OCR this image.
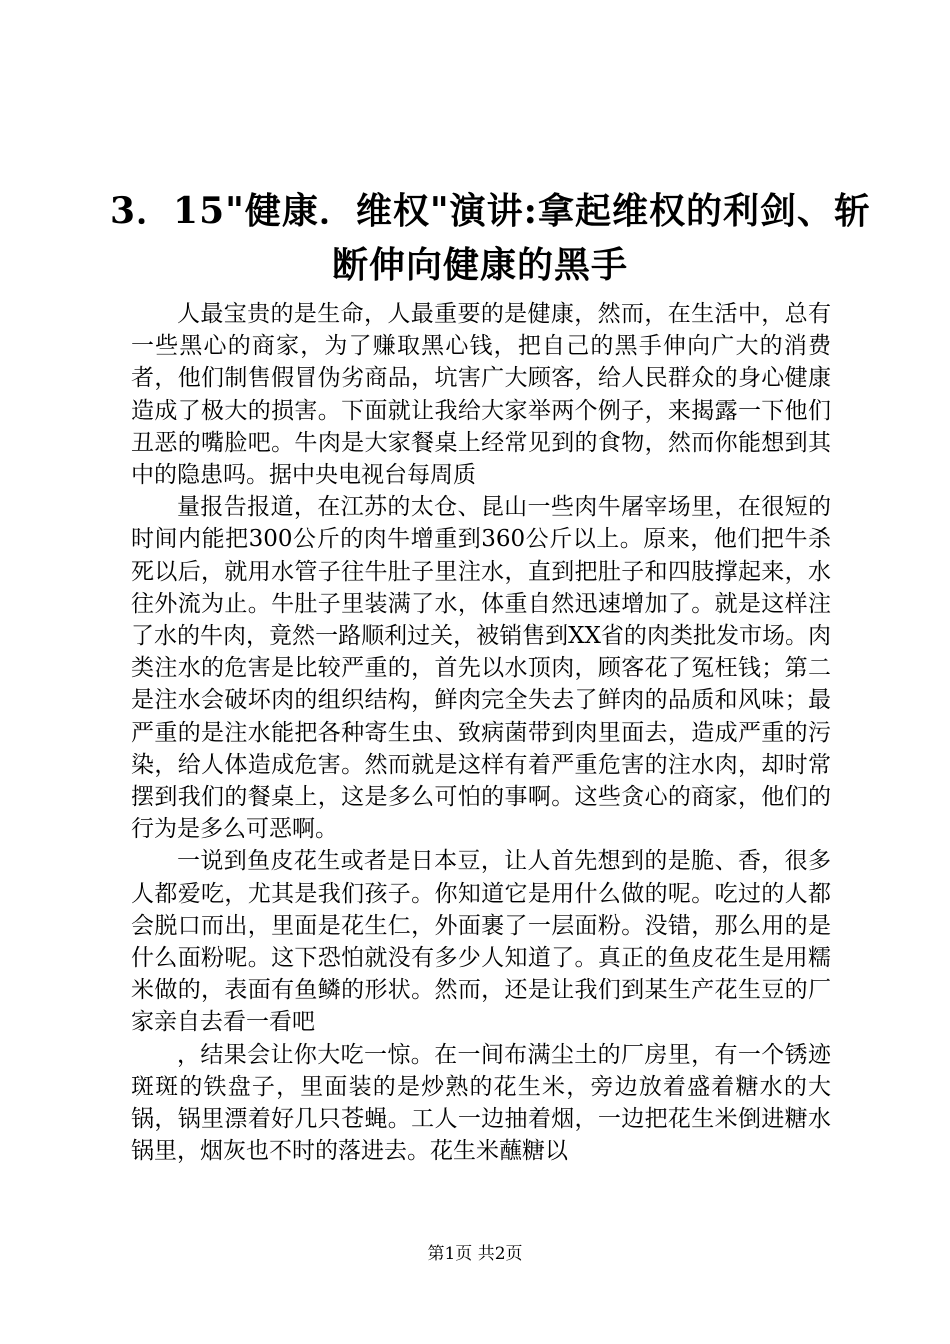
3．15"健康．维权"演讲:拿起维权的利剑、斩
断伸向健康的黑手

人最宝贵的是生命，人最重要的是健康，然而，在生活中，总有一些黑心的商家，为了赚取黑心钱，把自己的黑手伸向广大的消费者，他们制售假冒伪劣商品，坑害广大顾客，给人民群众的身心健康造成了极大的损害。下面就让我给大家举两个例子，来揭露一下他们丑恶的嘴脸吧。牛肉是大家餐桌上经常见到的食物，然而你能想到其中的隐患吗。据中央电视台每周质

量报告报道，在江苏的太仓、昆山一些肉牛屠宰场里，在很短的时间内能把300公斤的肉牛增重到360公斤以上。原来，他们把牛杀死以后，就用水管子往牛肚子里注水，直到把肚子和四肢撑起来，水往外流为止。牛肚子里装满了水，体重自然迅速增加了。就是这样注了水的牛肉，竟然一路顺利过关，被销售到XX省的肉类批发市场。肉类注水的危害是比较严重的，首先以水顶肉，顾客花了冤枉钱；第二是注水会破坏肉的组织结构，鲜肉完全失去了鲜肉的品质和风味；最严重的是注水能把各种寄生虫、致病菌带到肉里面去，造成严重的污染，给人体造成危害。然而就是这样有着严重危害的注水肉，却时常摆到我们的餐桌上，这是多么可怕的事啊。这些贪心的商家，他们的行为是多么可恶啊。

一说到鱼皮花生或者是日本豆，让人首先想到的是脆、香，很多人都爱吃，尤其是我们孩子。你知道它是用什么做的呢。吃过的人都会脱口而出，里面是花生仁，外面裹了一层面粉。没错，那么用的是什么面粉呢。这下恐怕就没有多少人知道了。真正的鱼皮花生是用糯米做的，表面有鱼鳞的形状。然而，还是让我们到某生产花生豆的厂家亲自去看一看吧

，结果会让你大吃一惊。在一间布满尘土的厂房里，有一个锈迹斑斑的铁盘子，里面装的是炒熟的花生米，旁边放着盛着糖水的大锅，锅里漂着好几只苍蝇。工人一边抽着烟，一边把花生米倒进糖水锅里，烟灰也不时的落进去。花生米蘸糖以

第1页 共2页
